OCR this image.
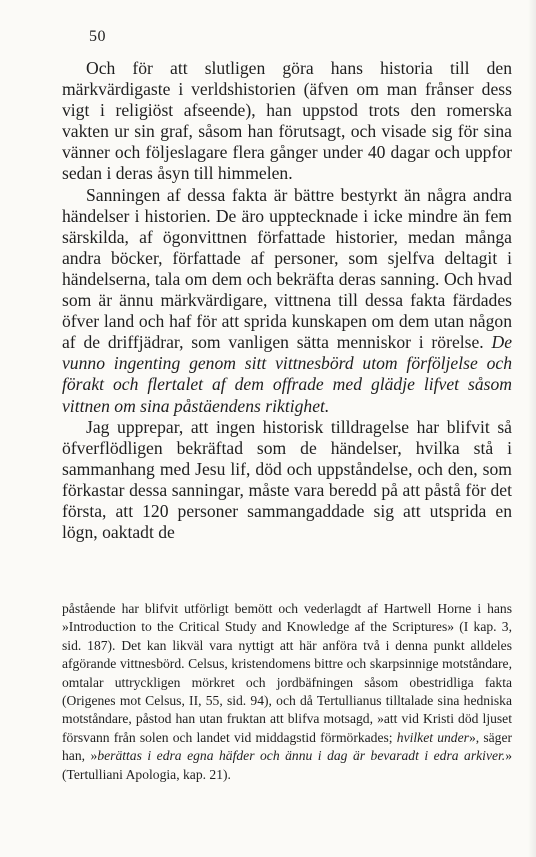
50

Och för att slutligen göra hans historia till den märkvärdigaste i verldshistorien (äfven om man frånser dess vigt i religiöst afseende), han uppstod trots den romerska vakten ur sin graf, såsom han förutsagt, och visade sig för sina vänner och följeslagare flera gånger under 40 dagar och uppfor sedan i deras åsyn till himmelen.

Sanningen af dessa fakta är bättre bestyrkt än några andra händelser i historien. De äro upptecknade i icke mindre än fem särskilda, af ögonvittnen författade historier, medan många andra böcker, författade af personer, som sjelfva deltagit i händelserna, tala om dem och bekräfta deras sanning. Och hvad som är ännu märkvärdigare, vittnena till dessa fakta färdades öfver land och haf för att sprida kunskapen om dem utan någon af de driffjädrar, som vanligen sätta menniskor i rörelse. De vunno ingenting genom sitt vittnesbörd utom förföljelse och förakt och flertalet af dem offrade med glädje lifvet såsom vittnen om sina påstäendens riktighet.

Jag upprepar, att ingen historisk tilldragelse har blifvit så öfverflödligen bekräftad som de händelser, hvilka stå i sammanhang med Jesu lif, död och uppståndelse, och den, som förkastar dessa sanningar, måste vara beredd på att påstå för det första, att 120 personer sammangaddade sig att utsprida en lögn, oaktadt de

påstående har blifvit utförligt bemött och vederlagdt af Hartwell Horne i hans »Introduction to the Critical Study and Knowledge af the Scriptures» (I kap. 3, sid. 187). Det kan likväl vara nyttigt att här anföra två i denna punkt alldeles afgörande vittnesbörd. Celsus, kristendomens bittre och skarpsinnige motståndare, omtalar uttryckligen mörkret och jordbäfningen såsom obestridliga fakta (Origenes mot Celsus, II, 55, sid. 94), och då Tertullianus tilltalade sina hedniska motståndare, påstod han utan fruktan att blifva motsagd, »att vid Kristi död ljuset försvann från solen och landet vid middagstid förmörkades; hvilket under», säger han, »berättas i edra egna häfder och ännu i dag är bevaradt i edra arkiver.» (Tertulliani Apologia, kap. 21).
